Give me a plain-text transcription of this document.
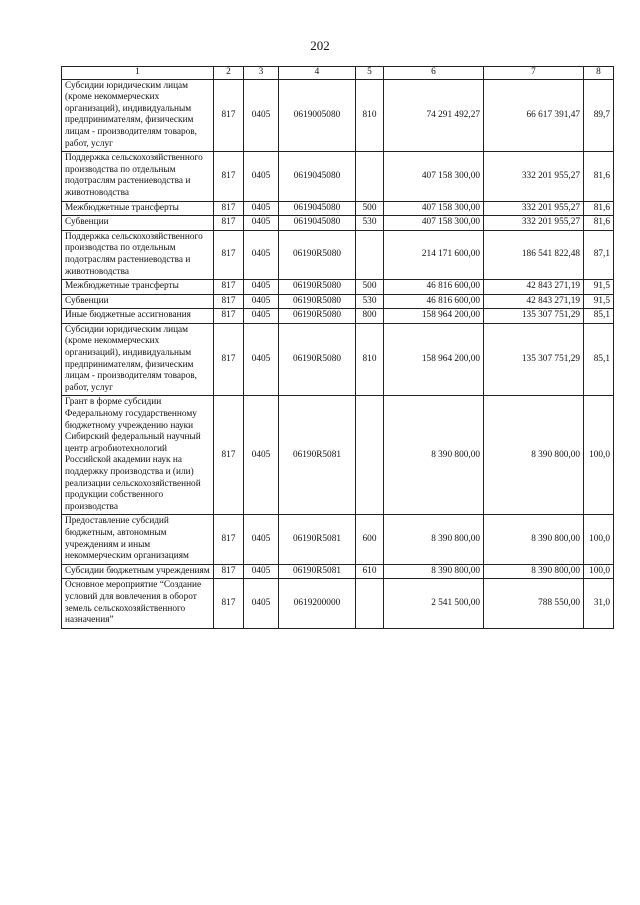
202
1	2	3	4	5	6	7	8
Субсидии юридическим лицам (кроме некоммерческих организаций), индивидуальным предпринимателям, физическим лицам - производителям товаров, работ, услуг	817	0405	0619005080	810	74 291 492,27	66 617 391,47	89,7
Поддержка сельскохозяйственного производства по отдельным подотраслям растениеводства и животноводства	817	0405	0619045080		407 158 300,00	332 201 955,27	81,6
Межбюджетные трансферты	817	0405	0619045080	500	407 158 300,00	332 201 955,27	81,6
Субвенции	817	0405	0619045080	530	407 158 300,00	332 201 955,27	81,6
Поддержка сельскохозяйственного производства по отдельным подотраслям растениеводства и животноводства	817	0405	06190R5080		214 171 600,00	186 541 822,48	87,1
Межбюджетные трансферты	817	0405	06190R5080	500	46 816 600,00	42 843 271,19	91,5
Субвенции	817	0405	06190R5080	530	46 816 600,00	42 843 271,19	91,5
Иные бюджетные ассигнования	817	0405	06190R5080	800	158 964 200,00	135 307 751,29	85,1
Субсидии юридическим лицам (кроме некоммерческих организаций), индивидуальным предпринимателям, физическим лицам - производителям товаров, работ, услуг	817	0405	06190R5080	810	158 964 200,00	135 307 751,29	85,1
Грант в форме субсидии Федеральному государственному бюджетному учреждению науки Сибирский федеральный научный центр агробиотехнологий Российской академии наук на поддержку производства и (или) реализации сельскохозяйственной продукции собственного производства	817	0405	06190R5081		8 390 800,00	8 390 800,00	100,0
Предоставление субсидий бюджетным, автономным учреждениям и иным некоммерческим организациям	817	0405	06190R5081	600	8 390 800,00	8 390 800,00	100,0
Субсидии бюджетным учреждениям	817	0405	06190R5081	610	8 390 800,00	8 390 800,00	100,0
Основное мероприятие “Создание условий для вовлечения в оборот земель сельскохозяйственного назначения”	817	0405	0619200000		2 541 500,00	788 550,00	31,0
